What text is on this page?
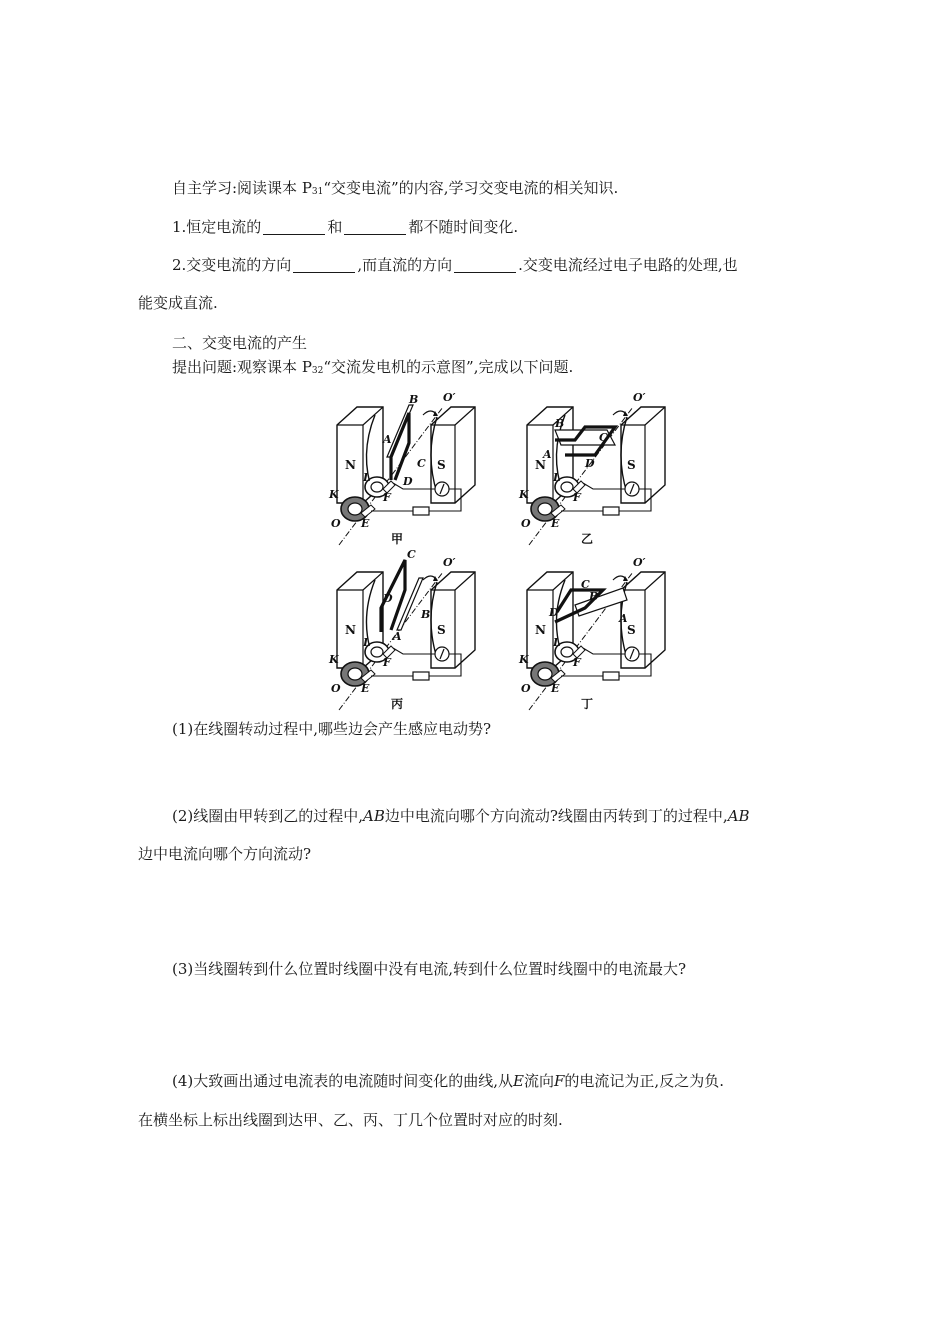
自主学习:阅读课本 P31“交变电流”的内容,学习交变电流的相关知识.
1.恒定电流的	和	都不随时间变化.
2.交变电流的方向	,而直流的方向	.交变电流经过电子电路的处理,也
能变成直流.
二、交变电流的产生
提出问题:观察课本 P32“交流发电机的示意图”,完成以下问题.
N	S
A
B
C
D
O′
L
K	F
E
O
甲
N	S
A
B
C
D
O′
L
K	F
E
O
乙
N	S
A
B
C
D
O′
L
K	F
E
O
丙
N	S
A
B
C
D
O′
L
K	F
E
O
丁
(1)在线圈转动过程中,哪些边会产生感应电动势?
(2)线圈由甲转到乙的过程中,AB边中电流向哪个方向流动?线圈由丙转到丁的过程中,AB
边中电流向哪个方向流动?
(3)当线圈转到什么位置时线圈中没有电流,转到什么位置时线圈中的电流最大?
(4)大致画出通过电流表的电流随时间变化的曲线,从E流向F的电流记为正,反之为负.
在横坐标上标出线圈到达甲、乙、丙、丁几个位置时对应的时刻.
